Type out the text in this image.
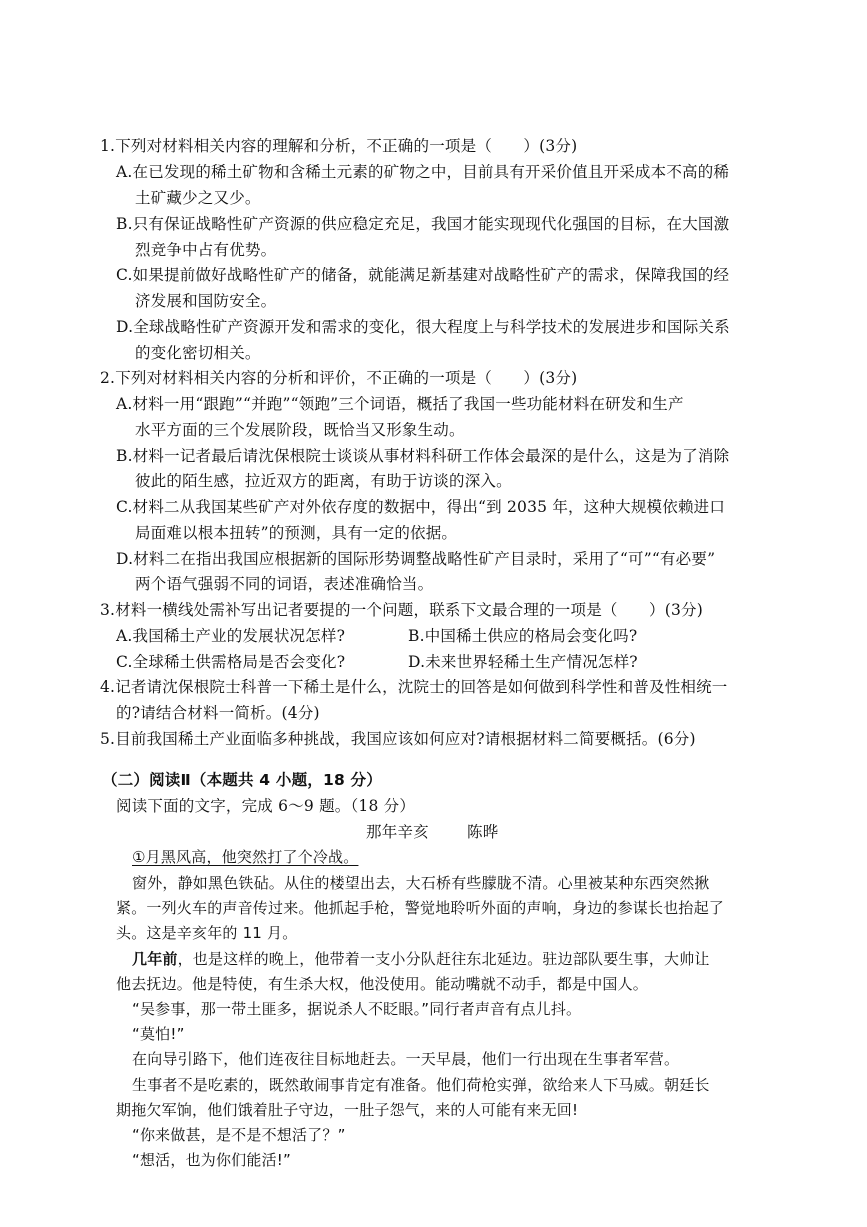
1.下列对材料相关内容的理解和分析，不正确的一项是（　　）(3分)
A.在已发现的稀土矿物和含稀土元素的矿物之中，目前具有开采价值且开采成本不高的稀
土矿藏少之又少。
B.只有保证战略性矿产资源的供应稳定充足，我国才能实现现代化强国的目标，在大国激
烈竞争中占有优势。
C.如果提前做好战略性矿产的储备，就能满足新基建对战略性矿产的需求，保障我国的经
济发展和国防安全。
D.全球战略性矿产资源开发和需求的变化，很大程度上与科学技术的发展进步和国际关系
的变化密切相关。
2.下列对材料相关内容的分析和评价，不正确的一项是（　　）(3分)
A.材料一用“跟跑”“并跑”“领跑”三个词语，概括了我国一些功能材料在研发和生产
水平方面的三个发展阶段，既恰当又形象生动。
B.材料一记者最后请沈保根院士谈谈从事材料科研工作体会最深的是什么，这是为了消除
彼此的陌生感，拉近双方的距离，有助于访谈的深入。
C.材料二从我国某些矿产对外依存度的数据中，得出“到 2035 年，这种大规模依赖进口
局面难以根本扭转”的预测，具有一定的依据。
D.材料二在指出我国应根据新的国际形势调整战略性矿产目录时，采用了“可”“有必要”
两个语气强弱不同的词语，表述准确恰当。
3.材料一横线处需补写出记者要提的一个问题，联系下文最合理的一项是（　　）(3分)
A.我国稀土产业的发展状况怎样?	B.中国稀土供应的格局会变化吗?
C.全球稀土供需格局是否会变化?	D.未来世界轻稀土生产情况怎样?
4.记者请沈保根院士科普一下稀土是什么，沈院士的回答是如何做到科学性和普及性相统一
的?请结合材料一简析。(4分)
5.目前我国稀土产业面临多种挑战，我国应该如何应对?请根据材料二简要概括。(6分)
（二）阅读Ⅱ（本题共 4 小题，18 分）
阅读下面的文字，完成 6～9 题。（18 分）
那年辛亥 陈晔
①月黑风高，他突然打了个冷战。
窗外，静如黑色铁砧。从住的楼望出去，大石桥有些朦胧不清。心里被某种东西突然揪
紧。一列火车的声音传过来。他抓起手枪，警觉地聆听外面的声响，身边的参谋长也抬起了
头。这是辛亥年的 11 月。
几年前，也是这样的晚上，他带着一支小分队赶往东北延边。驻边部队要生事，大帅让
他去抚边。他是特使，有生杀大权，他没使用。能动嘴就不动手，都是中国人。
“吴参事，那一带土匪多，据说杀人不眨眼。”同行者声音有点儿抖。
“莫怕!”
在向导引路下，他们连夜往目标地赶去。一天早晨，他们一行出现在生事者军营。
生事者不是吃素的，既然敢闹事肯定有准备。他们荷枪实弹，欲给来人下马威。朝廷长
期拖欠军饷，他们饿着肚子守边，一肚子怨气，来的人可能有来无回!
“你来做甚，是不是不想活了？”
“想活，也为你们能活!”
